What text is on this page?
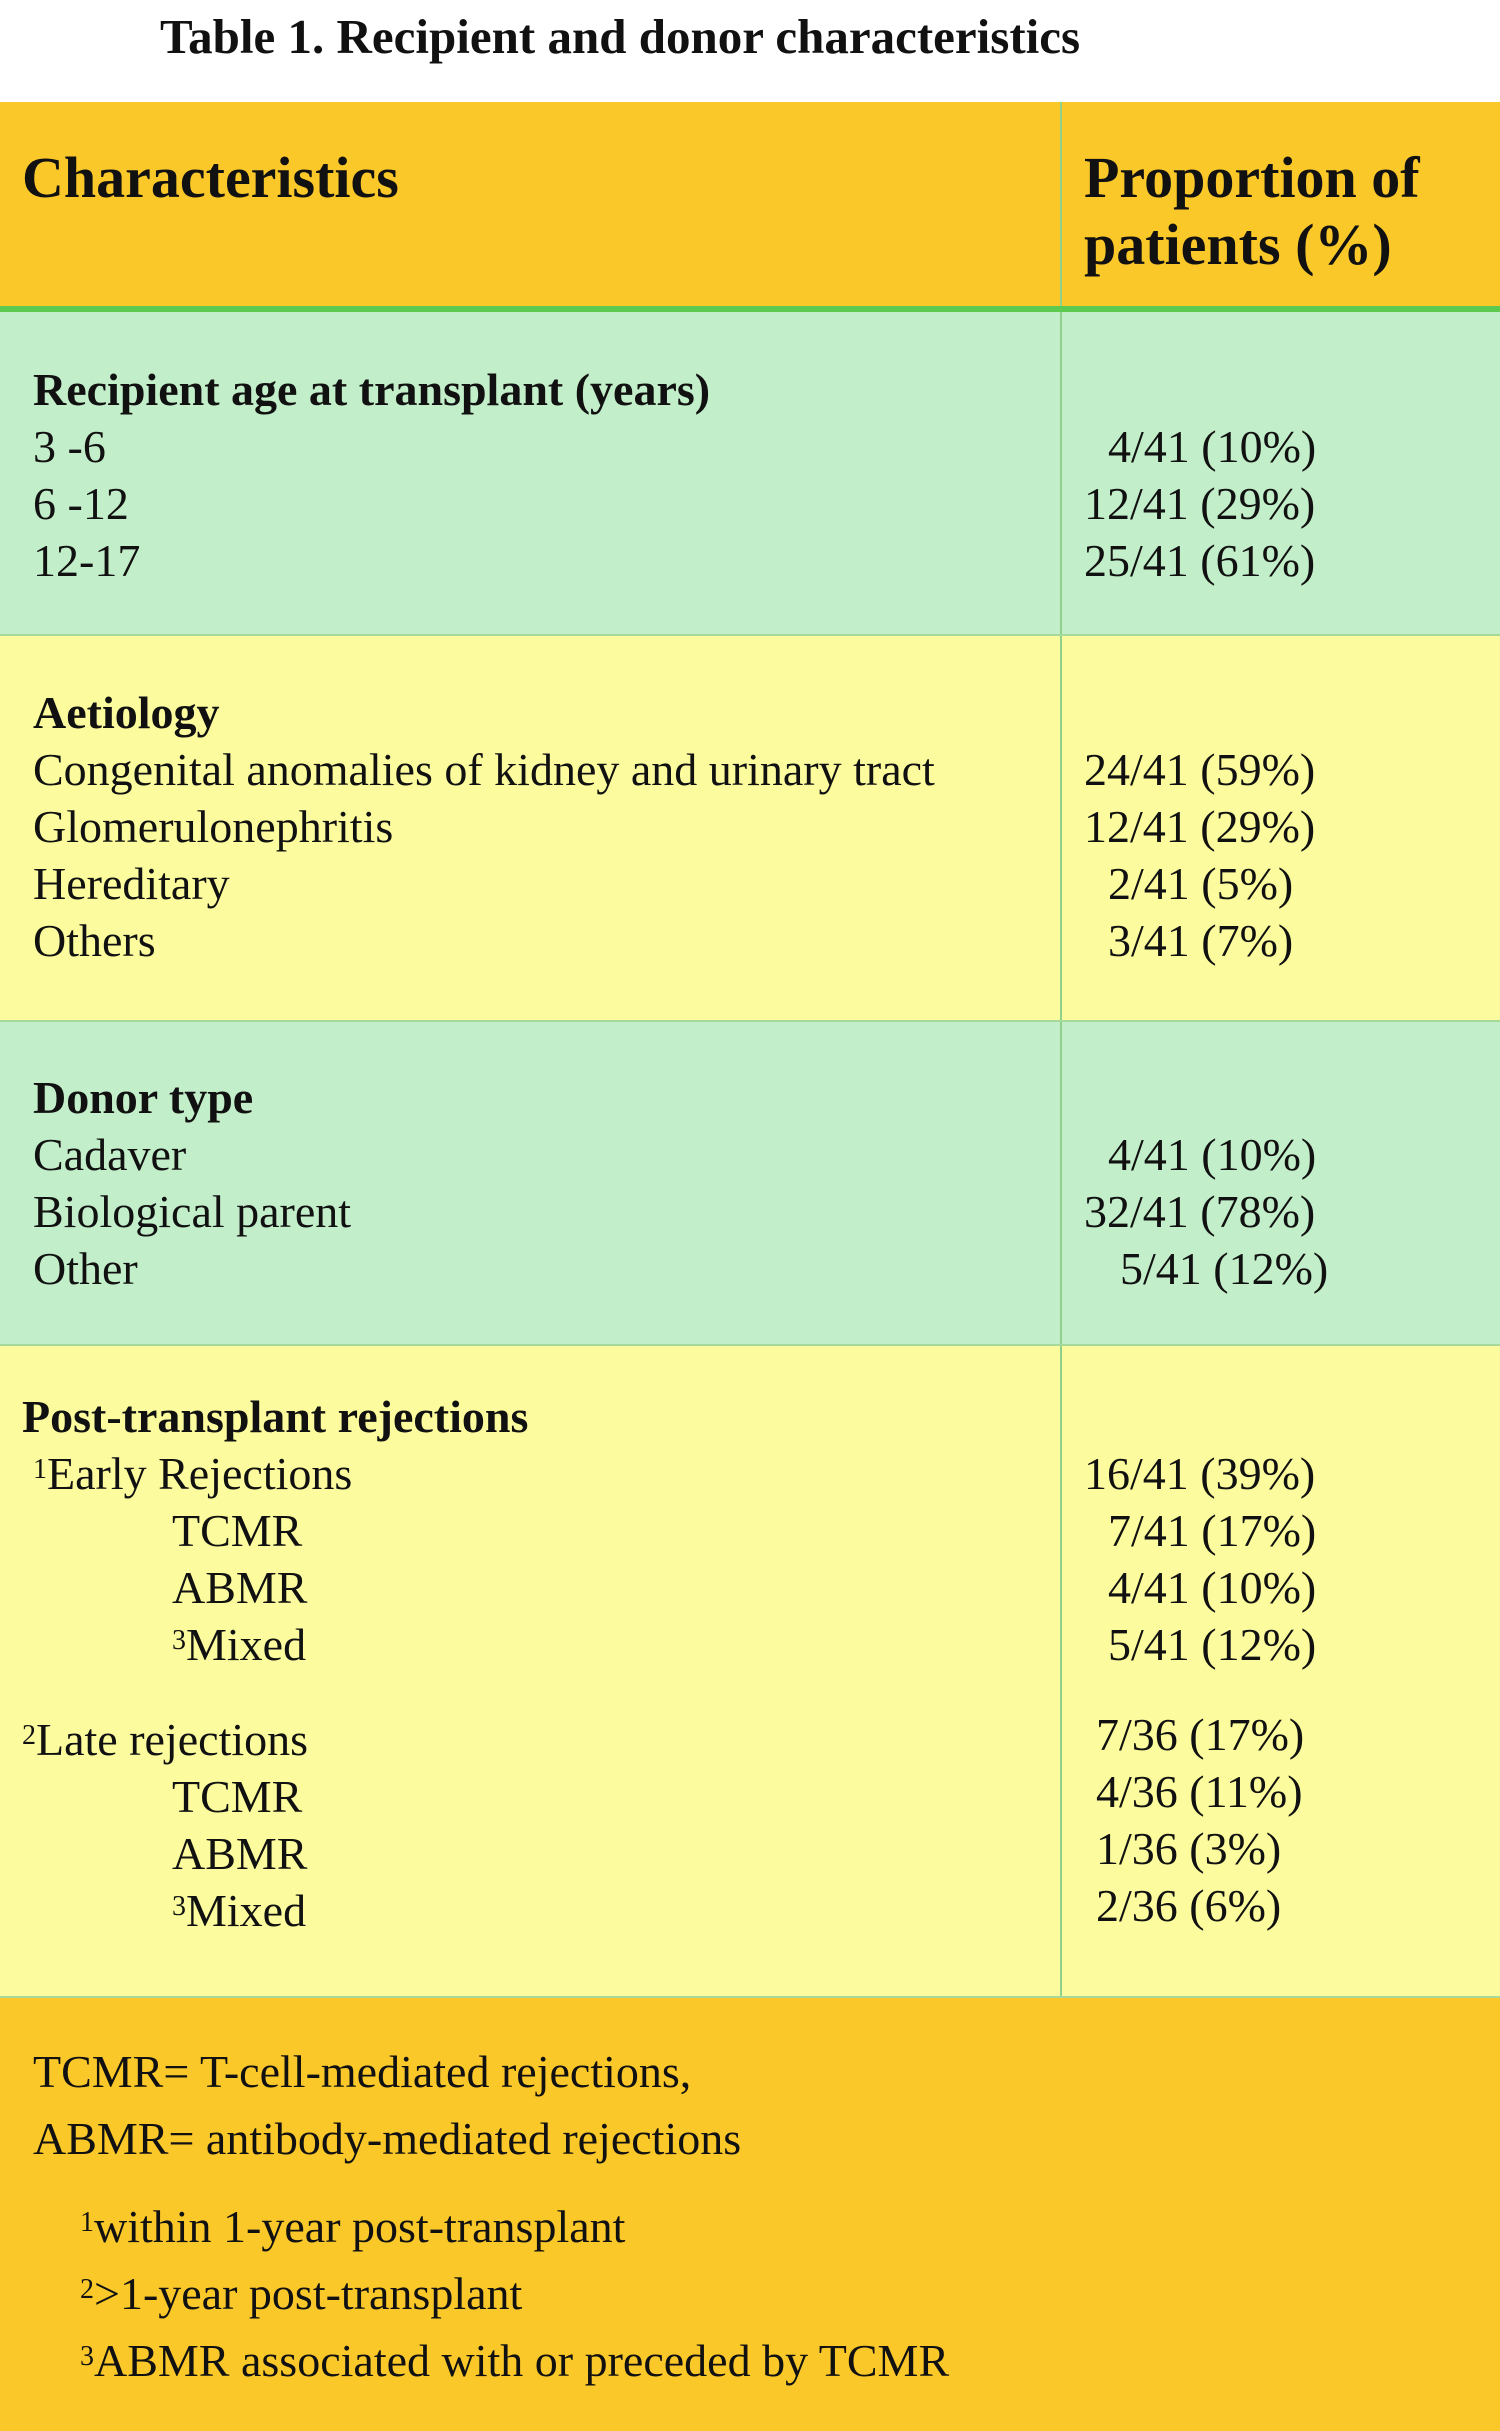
Table 1. Recipient and donor characteristics
Characteristics	Proportion of
patients (%)
Recipient age at transplant (years)
3 -6	4/41 (10%)
6 -12	12/41 (29%)
12-17	25/41 (61%)
Aetiology
Congenital anomalies of kidney and urinary tract	24/41 (59%)
Glomerulonephritis	12/41 (29%)
Hereditary	2/41 (5%)
Others	3/41 (7%)
Donor type
Cadaver	4/41 (10%)
Biological parent	32/41 (78%)
Other	5/41 (12%)
Post-transplant rejections
$^1$Early Rejections	16/41 (39%)
TCMR	7/41 (17%)
ABMR	4/41 (10%)
$^3$Mixed	5/41 (12%)
$^2$Late rejections	7/36 (17%)
TCMR	4/36 (11%)
ABMR	1/36 (3%)
$^3$Mixed	2/36 (6%)
TCMR= T-cell-mediated rejections,
ABMR= antibody-mediated rejections
$^1$within 1-year post-transplant
$^2$>1-year post-transplant
$^3$ABMR associated with or preceded by TCMR
